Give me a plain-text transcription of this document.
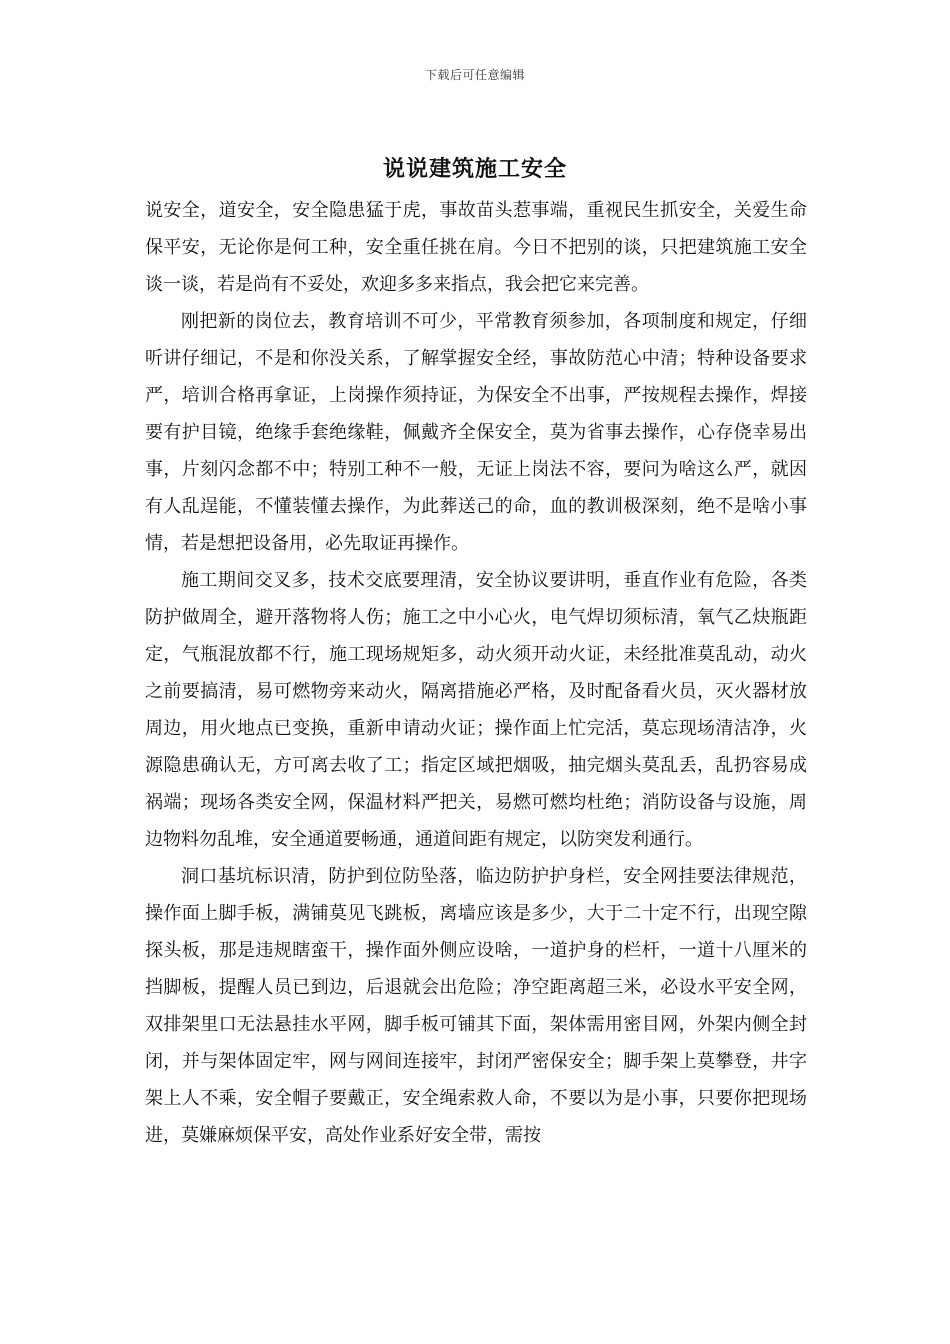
下载后可任意编辑
说说建筑施工安全

说安全，道安全，安全隐患猛于虎，事故苗头惹事端，重视民生抓安全，关爱生命保平安，无论你是何工种，安全重任挑在肩。今日不把别的谈，只把建筑施工安全谈一谈，若是尚有不妥处，欢迎多多来指点，我会把它来完善。

刚把新的岗位去，教育培训不可少，平常教育须参加，各项制度和规定，仔细听讲仔细记，不是和你没关系，了解掌握安全经，事故防范心中清；特种设备要求严，培训合格再拿证，上岗操作须持证，为保安全不出事，严按规程去操作，焊接要有护目镜，绝缘手套绝缘鞋，佩戴齐全保安全，莫为省事去操作，心存侥幸易出事，片刻闪念都不中；特别工种不一般，无证上岗法不容，要问为啥这么严，就因有人乱逞能，不懂装懂去操作，为此葬送己的命，血的教训极深刻，绝不是啥小事情，若是想把设备用，必先取证再操作。

施工期间交叉多，技术交底要理清，安全协议要讲明，垂直作业有危险，各类防护做周全，避开落物将人伤；施工之中小心火，电气焊切须标清，氧气乙炔瓶距定，气瓶混放都不行，施工现场规矩多，动火须开动火证，未经批准莫乱动，动火之前要搞清，易可燃物旁来动火，隔离措施必严格，及时配备看火员，灭火器材放周边，用火地点已变换，重新申请动火证；操作面上忙完活，莫忘现场清洁净，火源隐患确认无，方可离去收了工；指定区域把烟吸，抽完烟头莫乱丢，乱扔容易成祸端；现场各类安全网，保温材料严把关，易燃可燃均杜绝；消防设备与设施，周边物料勿乱堆，安全通道要畅通，通道间距有规定，以防突发利通行。

洞口基坑标识清，防护到位防坠落，临边防护护身栏，安全网挂要法律规范，操作面上脚手板，满铺莫见飞跳板，离墙应该是多少，大于二十定不行，出现空隙探头板，那是违规瞎蛮干，操作面外侧应设啥，一道护身的栏杆，一道十八厘米的挡脚板，提醒人员已到边，后退就会出危险；净空距离超三米，必设水平安全网，双排架里口无法悬挂水平网，脚手板可铺其下面，架体需用密目网，外架内侧全封闭，并与架体固定牢，网与网间连接牢，封闭严密保安全；脚手架上莫攀登，井字架上人不乘，安全帽子要戴正，安全绳索救人命，不要以为是小事，只要你把现场进，莫嫌麻烦保平安，高处作业系好安全带，需按
